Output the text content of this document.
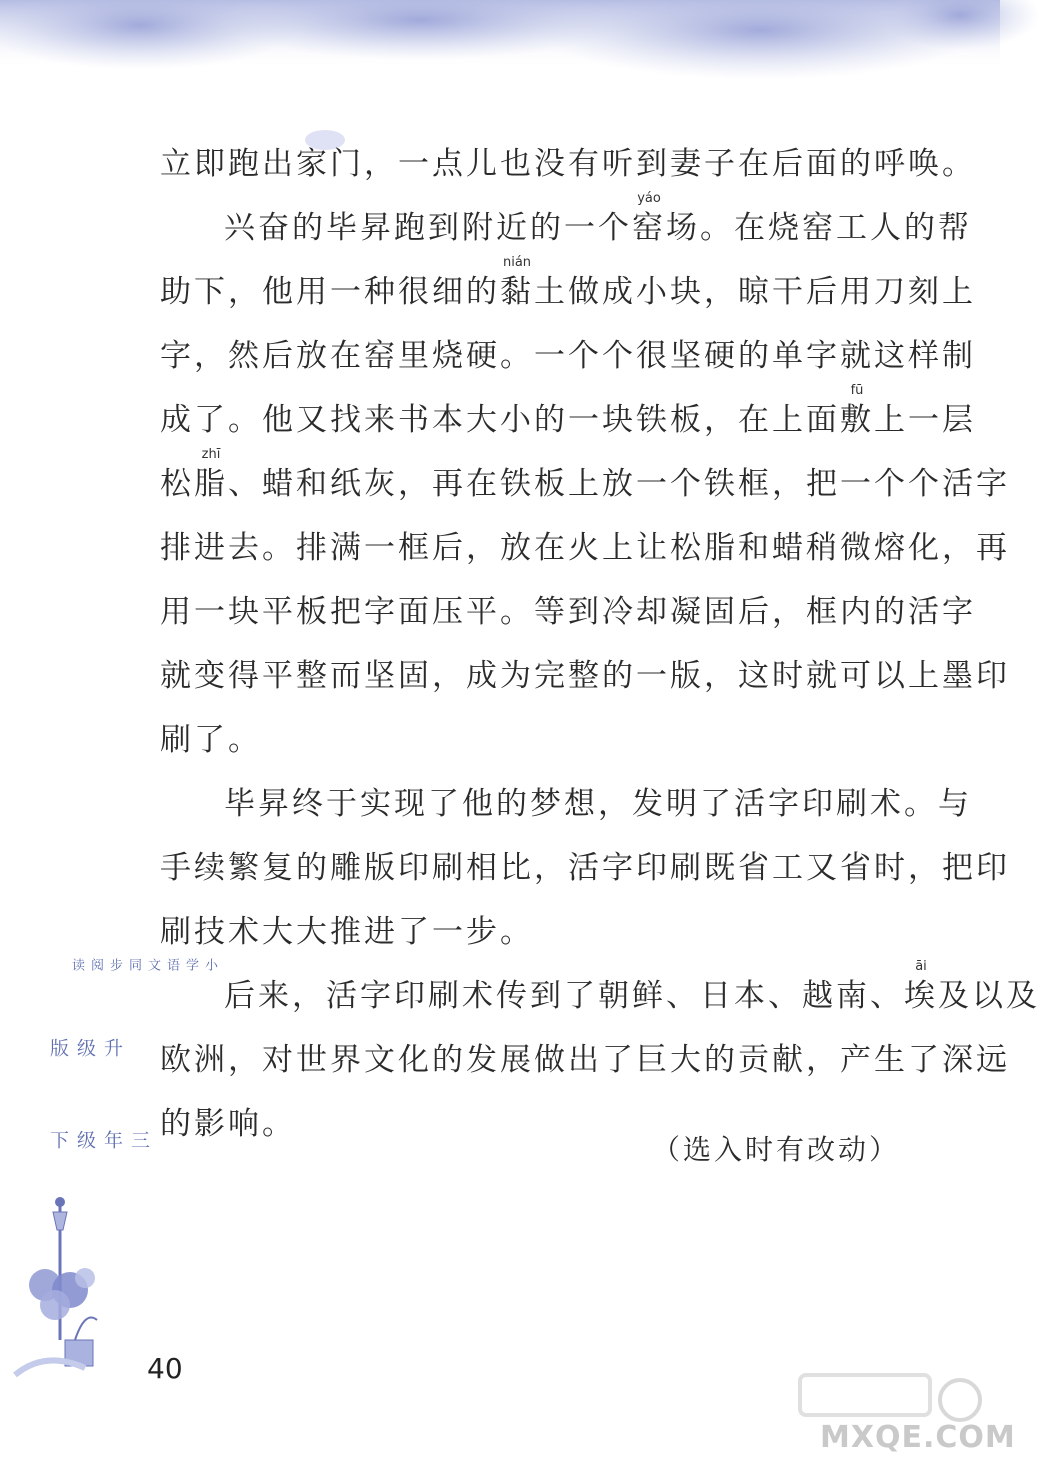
立即跑出家门，一点儿也没有听到妻子在后面的呼唤。
兴奋的毕昇跑到附近的一个
yáo
窑场。在烧窑工人的帮
助下，他用一种很细的
nián
黏土做成小块，晾干后用刀刻上
字，然后放在窑里烧硬。一个个很坚硬的单字就这样制
成了。他又找来书本大小的一块铁板，在上面
fū
敷上一层
松
zhī
脂、蜡和纸灰，再在铁板上放一个铁框，把一个个活字
排进去。排满一框后，放在火上让松脂和蜡稍微熔化，再
用一块平板把字面压平。等到冷却凝固后，框内的活字
就变得平整而坚固，成为完整的一版，这时就可以上墨印
刷了。
毕昇终于实现了他的梦想，发明了活字印刷术。与
手续繁复的雕版印刷相比，活字印刷既省工又省时，把印
刷技术大大推进了一步。
后来，活字印刷术传到了朝鲜、日本、越南、
āi
埃及以及
欧洲，对世界文化的发展做出了巨大的贡献，产生了深远
的影响。
（选入时有改动）
小学语文同步阅读
升级版
三年级下
40
MXQE.COM
